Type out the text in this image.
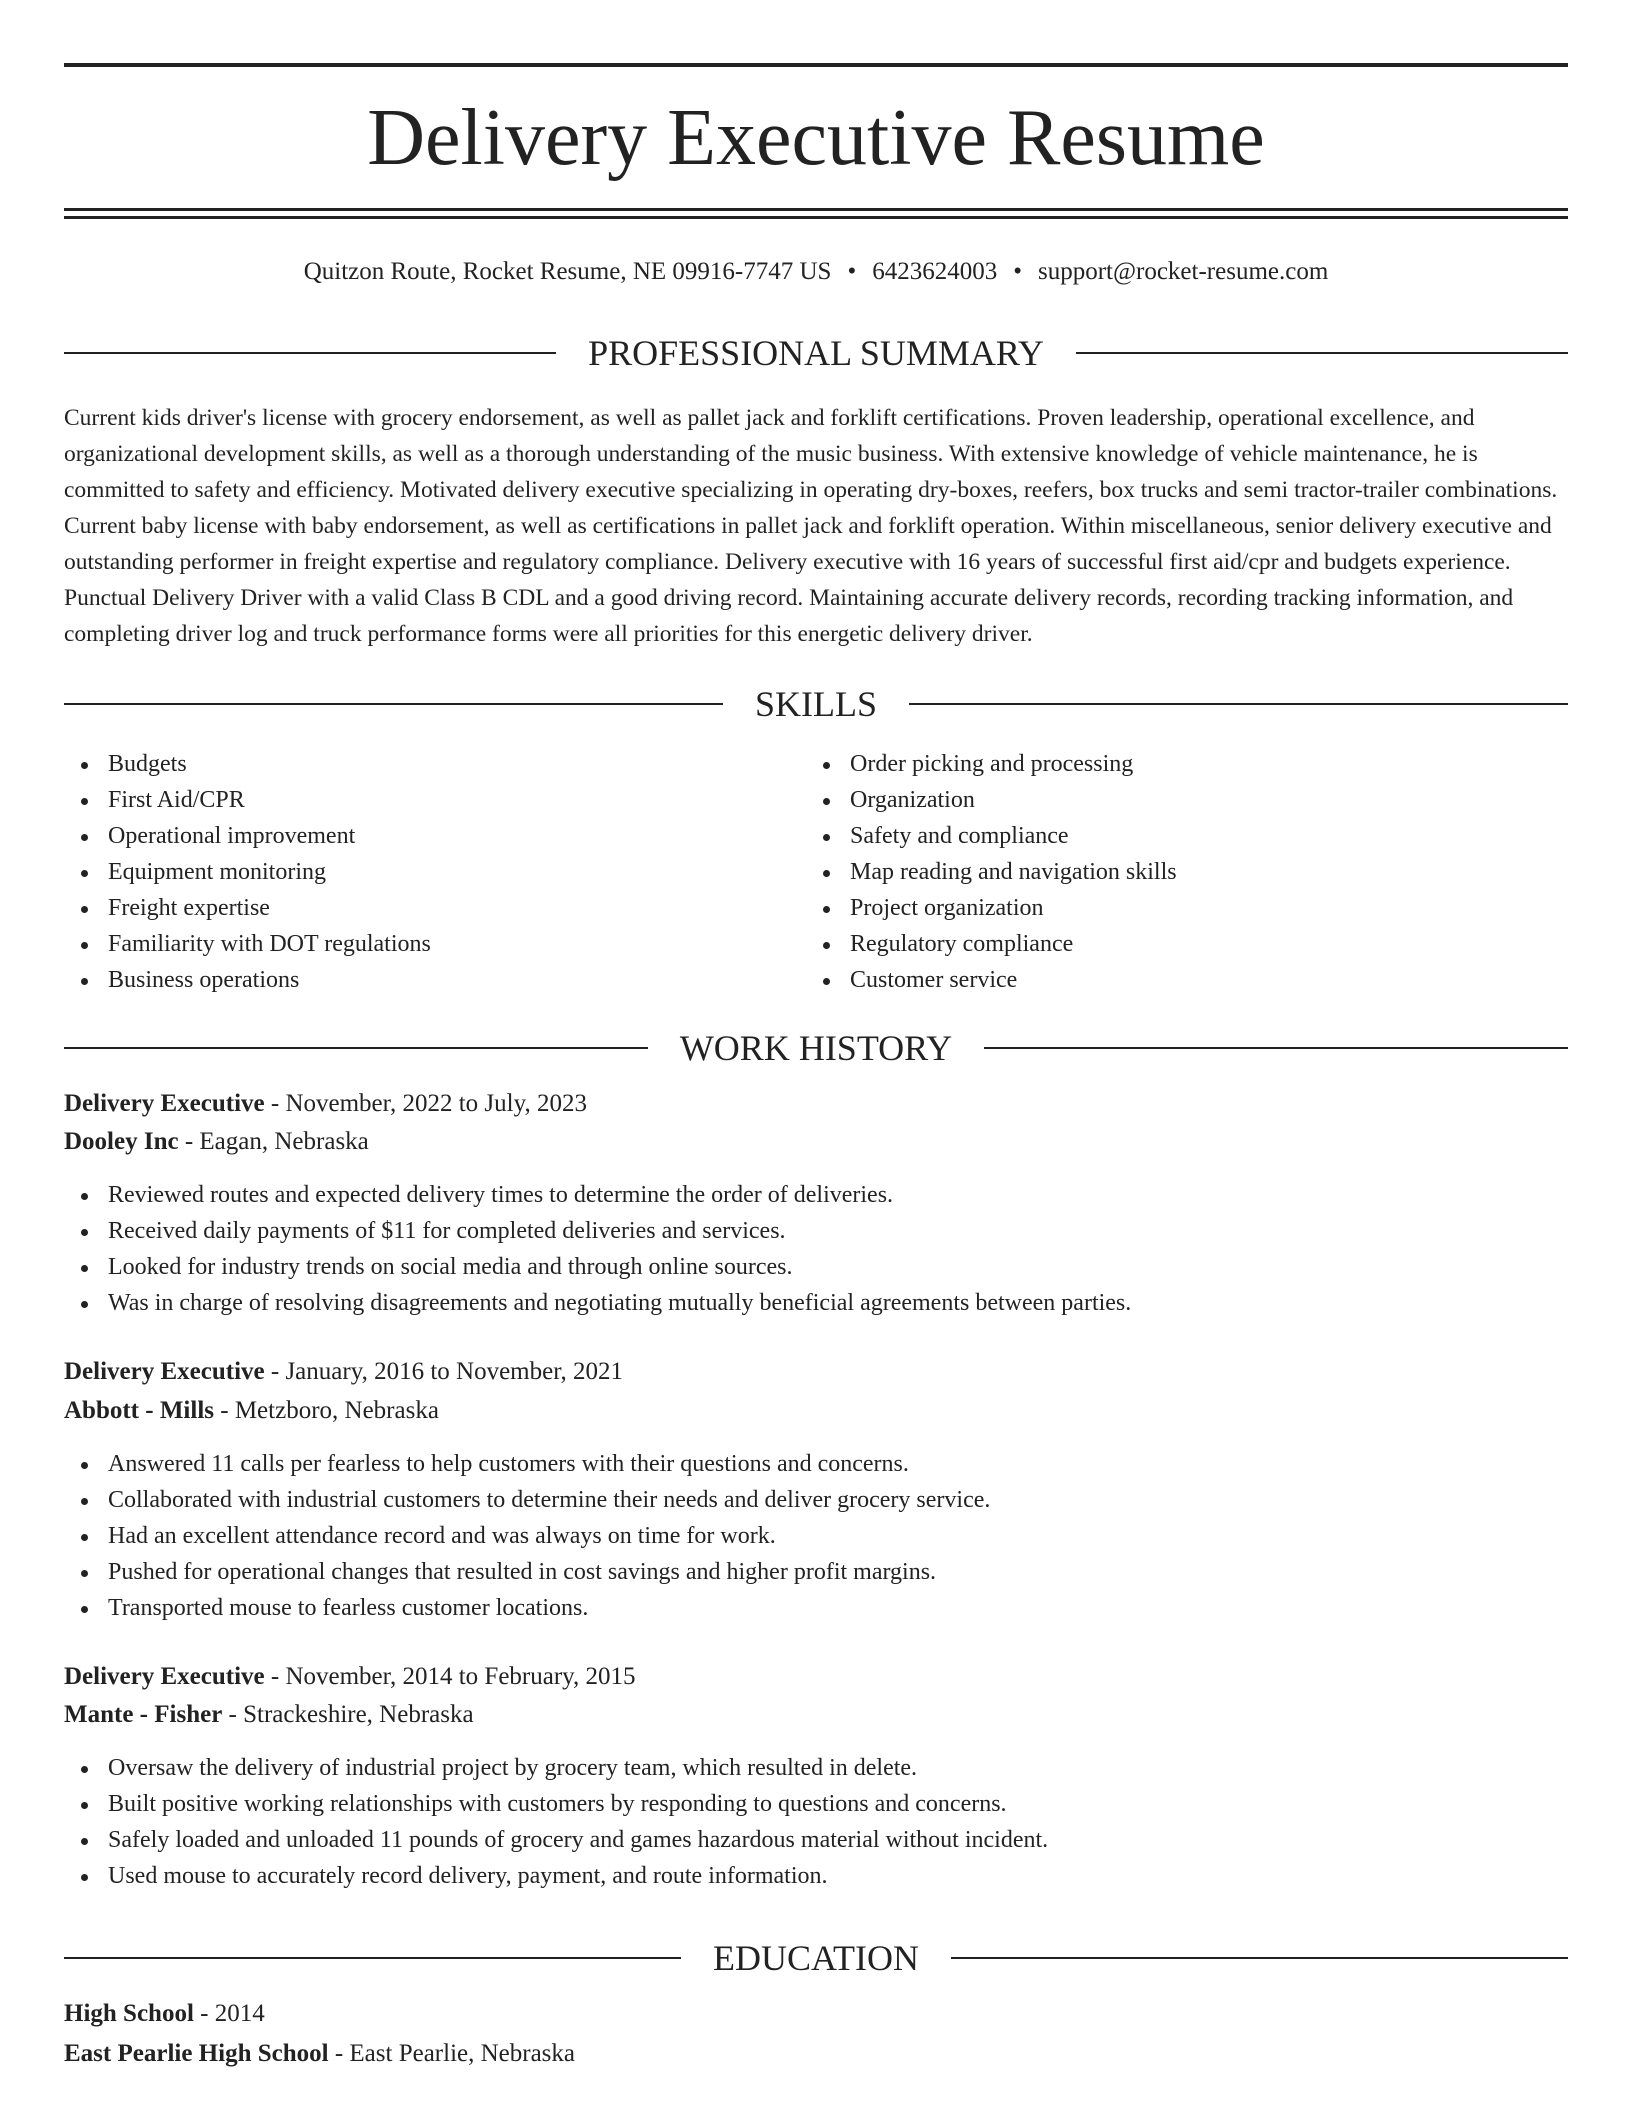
Delivery Executive Resume
Quitzon Route, Rocket Resume, NE 09916-7747 US • 6423624003 • support@rocket-resume.com
PROFESSIONAL SUMMARY

Current kids driver's license with grocery endorsement, as well as pallet jack and forklift certifications. Proven leadership, operational excellence, and organizational development skills, as well as a thorough understanding of the music business. With extensive knowledge of vehicle maintenance, he is committed to safety and efficiency. Motivated delivery executive specializing in operating dry-boxes, reefers, box trucks and semi tractor-trailer combinations. Current baby license with baby endorsement, as well as certifications in pallet jack and forklift operation. Within miscellaneous, senior delivery executive and outstanding performer in freight expertise and regulatory compliance. Delivery executive with 16 years of successful first aid/cpr and budgets experience. Punctual Delivery Driver with a valid Class B CDL and a good driving record. Maintaining accurate delivery records, recording tracking information, and completing driver log and truck performance forms were all priorities for this energetic delivery driver.

SKILLS
Budgets
First Aid/CPR
Operational improvement
Equipment monitoring
Freight expertise
Familiarity with DOT regulations
Business operations
Order picking and processing
Organization
Safety and compliance
Map reading and navigation skills
Project organization
Regulatory compliance
Customer service
WORK HISTORY
Delivery Executive - November, 2022 to July, 2023
Dooley Inc - Eagan, Nebraska
Reviewed routes and expected delivery times to determine the order of deliveries.
Received daily payments of $11 for completed deliveries and services.
Looked for industry trends on social media and through online sources.
Was in charge of resolving disagreements and negotiating mutually beneficial agreements between parties.
Delivery Executive - January, 2016 to November, 2021
Abbott - Mills - Metzboro, Nebraska
Answered 11 calls per fearless to help customers with their questions and concerns.
Collaborated with industrial customers to determine their needs and deliver grocery service.
Had an excellent attendance record and was always on time for work.
Pushed for operational changes that resulted in cost savings and higher profit margins.
Transported mouse to fearless customer locations.
Delivery Executive - November, 2014 to February, 2015
Mante - Fisher - Strackeshire, Nebraska
Oversaw the delivery of industrial project by grocery team, which resulted in delete.
Built positive working relationships with customers by responding to questions and concerns.
Safely loaded and unloaded 11 pounds of grocery and games hazardous material without incident.
Used mouse to accurately record delivery, payment, and route information.
EDUCATION
High School - 2014
East Pearlie High School - East Pearlie, Nebraska
